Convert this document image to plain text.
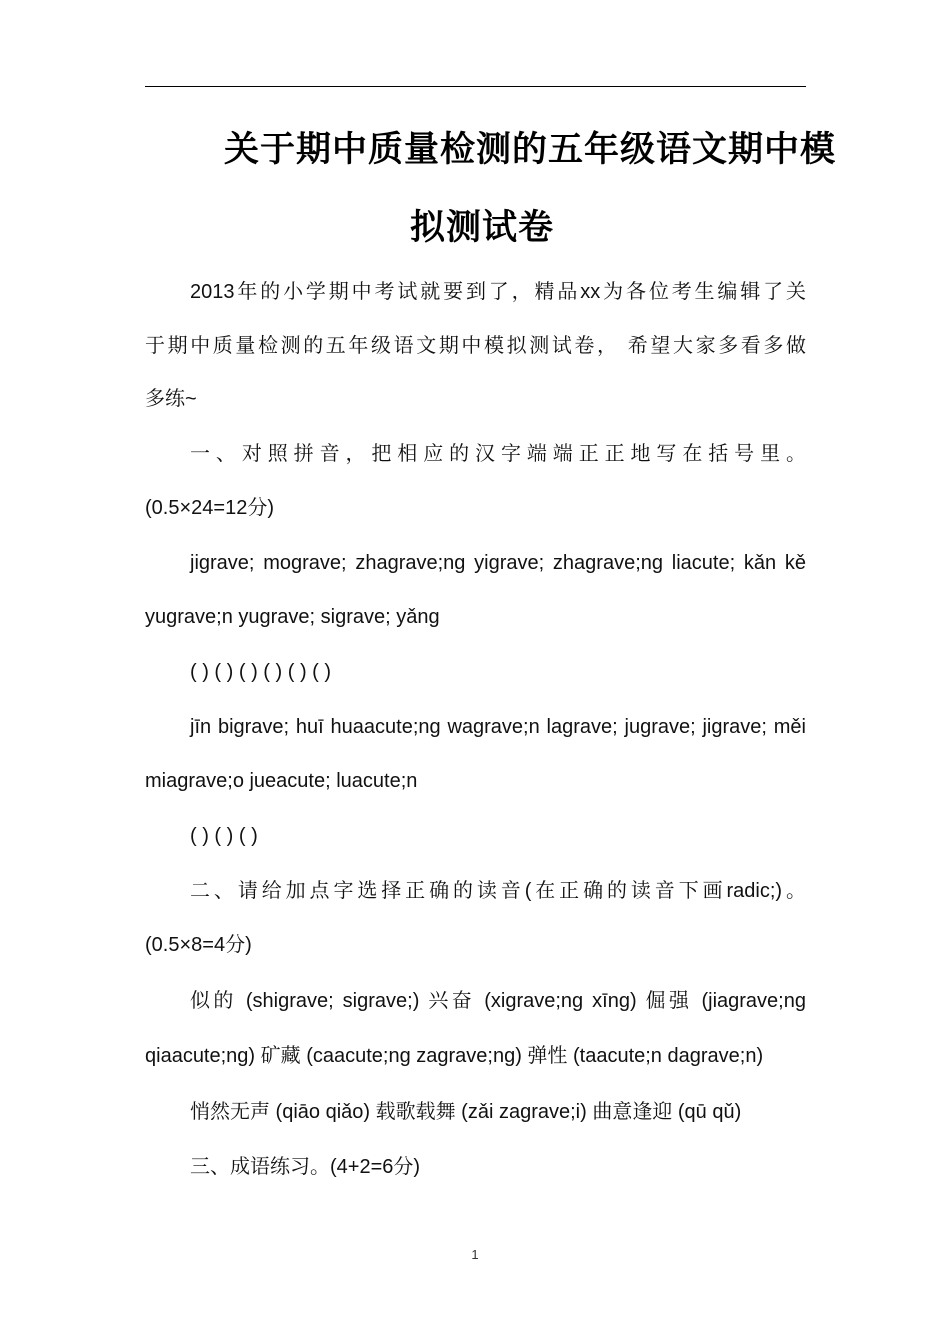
关于期中质量检测的五年级语文期中模
拟测试卷
2013年的小学期中考试就要到了，精品xx为各位考生编辑了关
于期中质量检测的五年级语文期中模拟测试卷， 希望大家多看多做
多练~
一、对照拼音，把相应的汉字端端正正地写在括号里。
(0.5×24=12分)
jigrave; mograve; zhagrave;ng yigrave; zhagrave;ng liacute; kǎn kě
yugrave;n yugrave; sigrave; yǎng
( ) ( ) ( ) ( ) ( ) ( )
jīn bigrave; huī huaacute;ng wagrave;n lagrave; jugrave; jigrave; měi
miagrave;o jueacute; luacute;n
( ) ( ) ( )
二、请给加点字选择正确的读音(在正确的读音下画radic;)。
(0.5×8=4分)
似的 (shigrave; sigrave;) 兴奋 (xigrave;ng xīng) 倔强 (jiagrave;ng
qiaacute;ng) 矿藏 (caacute;ng zagrave;ng) 弹性 (taacute;n dagrave;n)
悄然无声 (qiāo qiǎo) 载歌载舞 (zǎi zagrave;i) 曲意逢迎 (qū qǔ)
三、成语练习。(4+2=6分)
1
